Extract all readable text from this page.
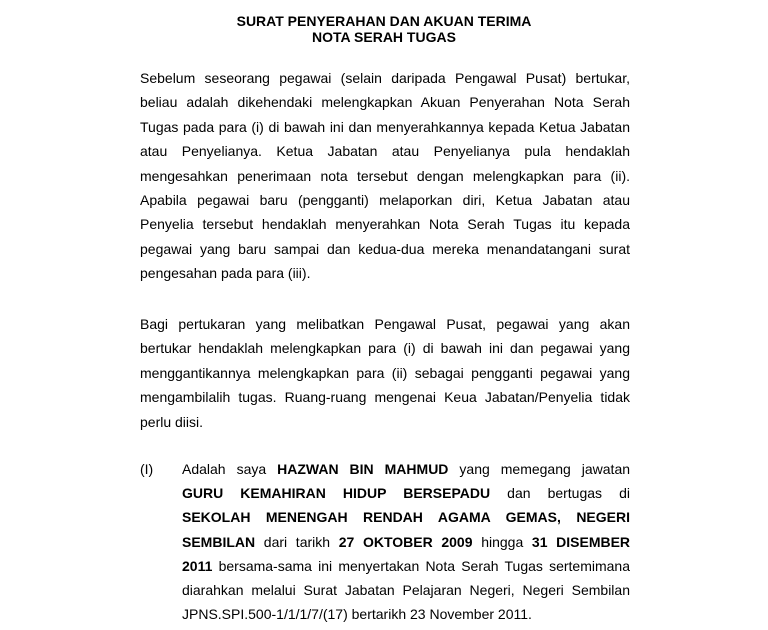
SURAT PENYERAHAN DAN AKUAN TERIMA
NOTA SERAH TUGAS
Sebelum seseorang pegawai (selain daripada Pengawal Pusat) bertukar,
beliau adalah dikehendaki melengkapkan Akuan Penyerahan Nota Serah
Tugas pada para (i) di bawah ini dan menyerahkannya kepada Ketua Jabatan
atau Penyelianya. Ketua Jabatan atau Penyelianya pula hendaklah
mengesahkan penerimaan nota tersebut dengan melengkapkan para (ii).
Apabila pegawai baru (pengganti) melaporkan diri, Ketua Jabatan atau
Penyelia tersebut hendaklah menyerahkan Nota Serah Tugas itu kepada
pegawai yang baru sampai dan kedua-dua mereka menandatangani surat
pengesahan pada para (iii).
Bagi pertukaran yang melibatkan Pengawal Pusat, pegawai yang akan
bertukar hendaklah melengkapkan para (i) di bawah ini dan pegawai yang
menggantikannya melengkapkan para (ii) sebagai pengganti pegawai yang
mengambilalih tugas. Ruang-ruang mengenai Keua Jabatan/Penyelia tidak
perlu diisi.
(I) Adalah saya HAZWAN BIN MAHMUD yang memegang jawatan
GURU KEMAHIRAN HIDUP BERSEPADU dan bertugas di
SEKOLAH MENENGAH RENDAH AGAMA GEMAS, NEGERI
SEMBILAN dari tarikh 27 OKTOBER 2009 hingga 31 DISEMBER
2011 bersama-sama ini menyertakan Nota Serah Tugas sertemimana
diarahkan melalui Surat Jabatan Pelajaran Negeri, Negeri Sembilan
JPNS.SPI.500-1/1/1/7/(17) bertarikh 23 November 2011.
